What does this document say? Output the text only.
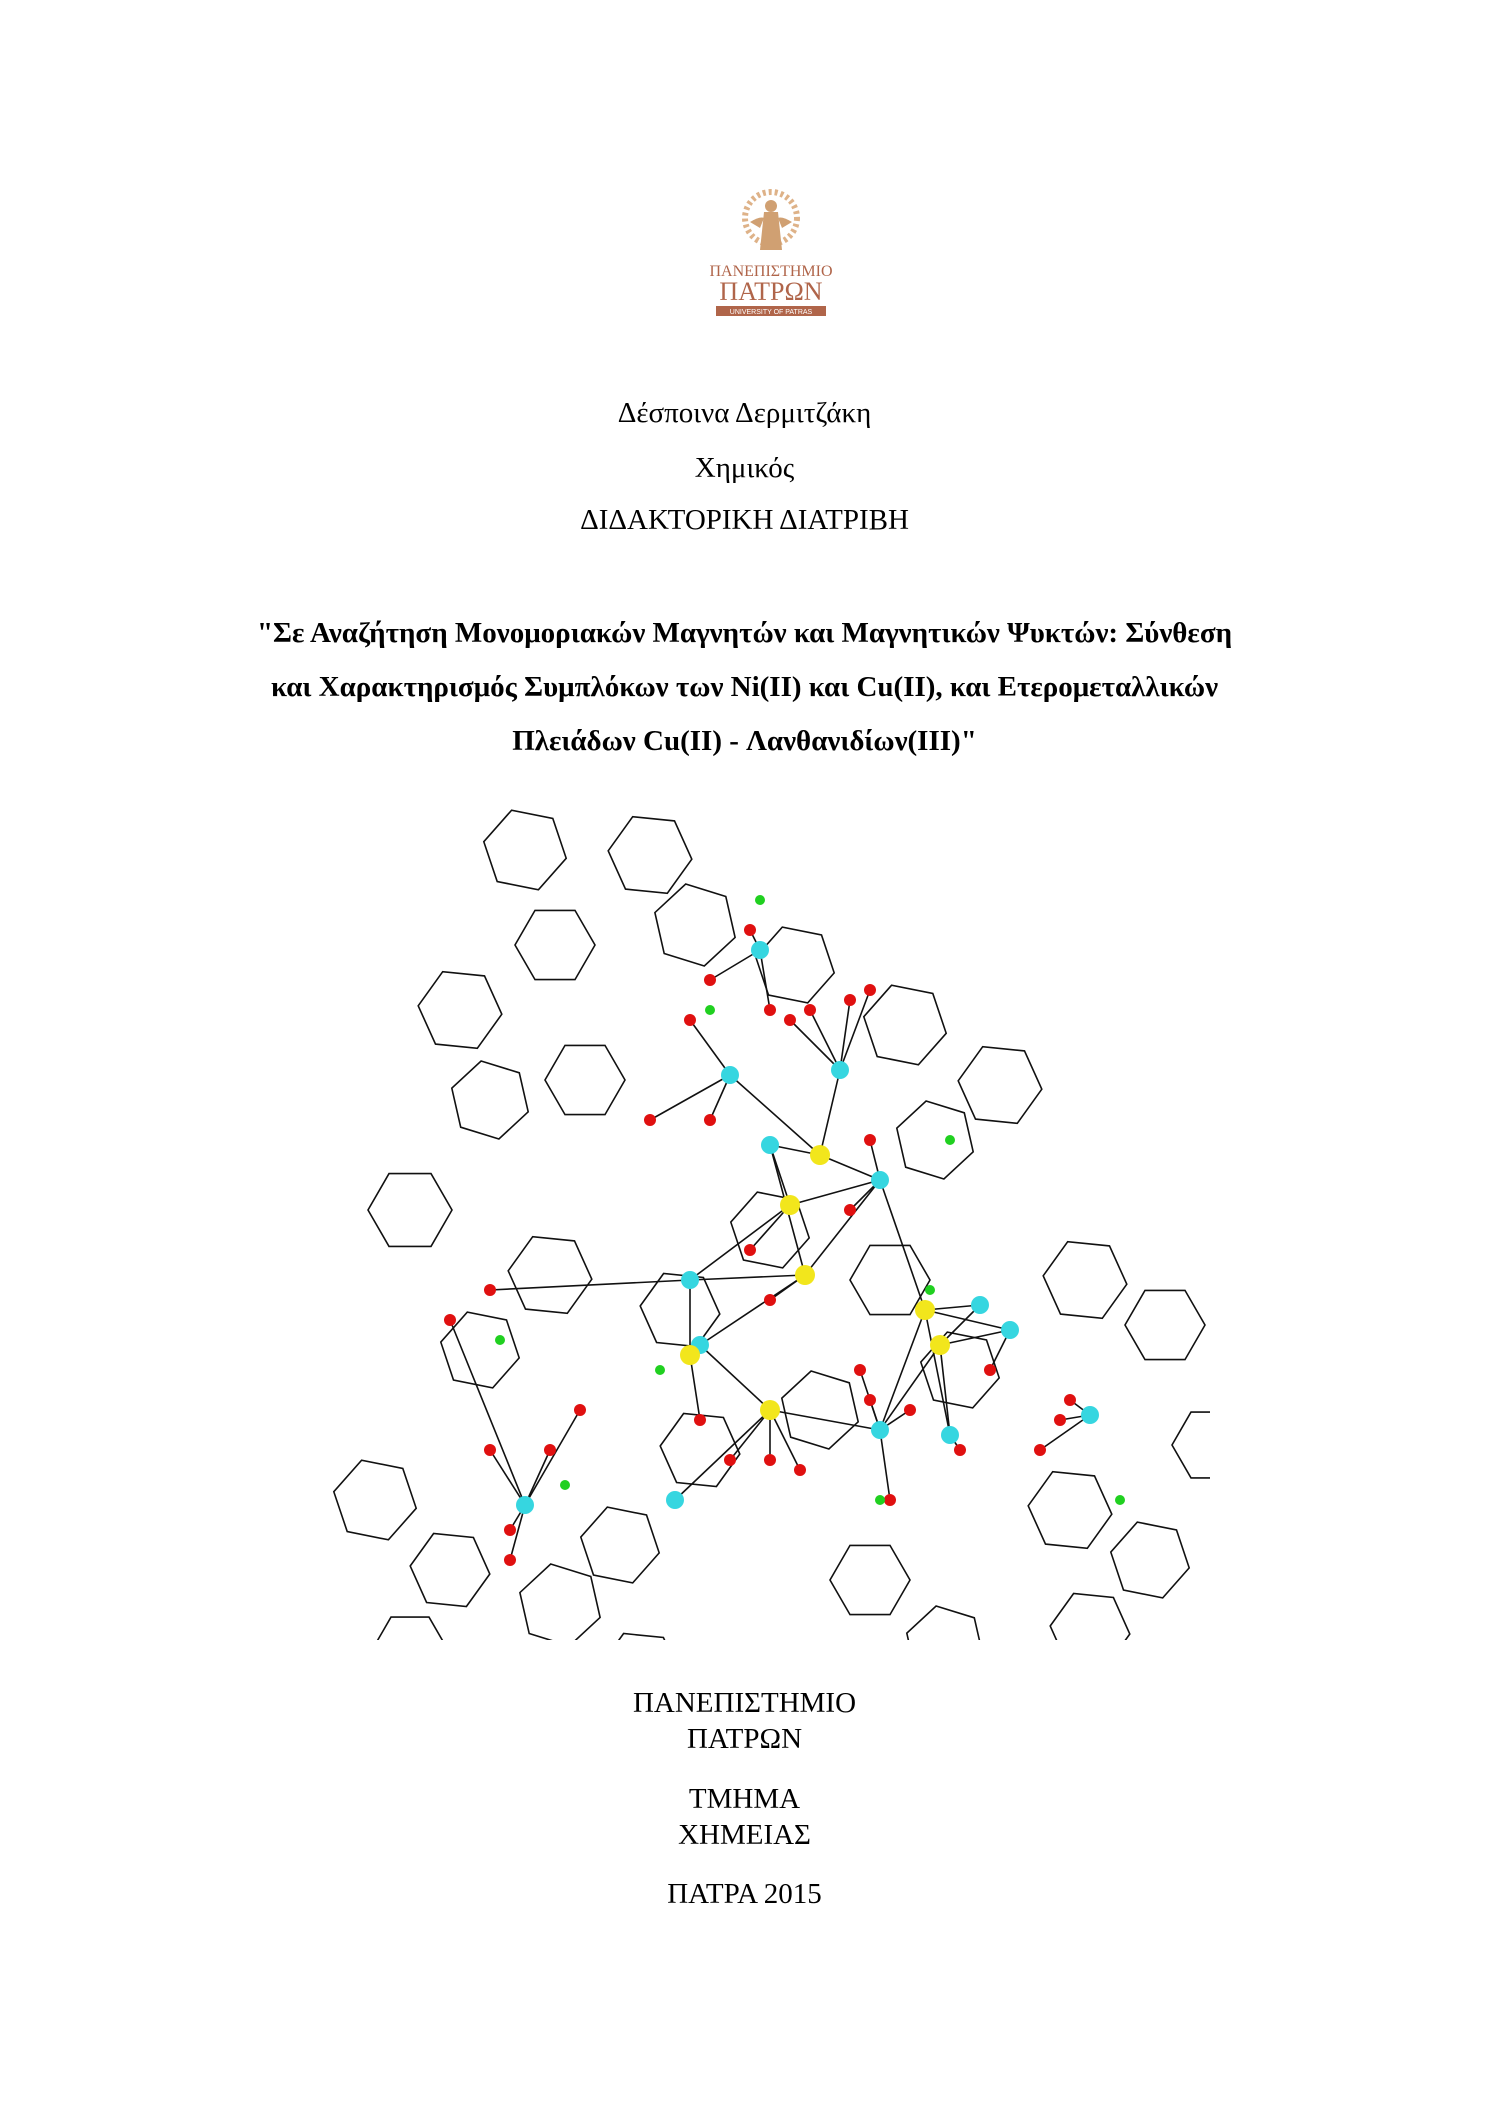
ΠΑΝΕΠΙΣΤΗΜΙΟ
ΠΑΤΡΩΝ
UNIVERSITY OF PATRAS
Δέσποινα Δερμιτζάκη
Χημικός
ΔΙΔΑΚΤΟΡΙΚΗ ΔΙΑΤΡΙΒΗ
"Σε Αναζήτηση Μονομοριακών Μαγνητών και Μαγνητικών Ψυκτών: Σύνθεση
και Χαρακτηρισμός Συμπλόκων των Ni(II) και Cu(II), και Ετερομεταλλικών
Πλειάδων Cu(II) - Λανθανιδίων(III)"
ΠΑΝΕΠΙΣΤΗΜΙΟ
ΠΑΤΡΩΝ
ΤΜΗΜΑ
ΧΗΜΕΙΑΣ
ΠΑΤΡΑ 2015
